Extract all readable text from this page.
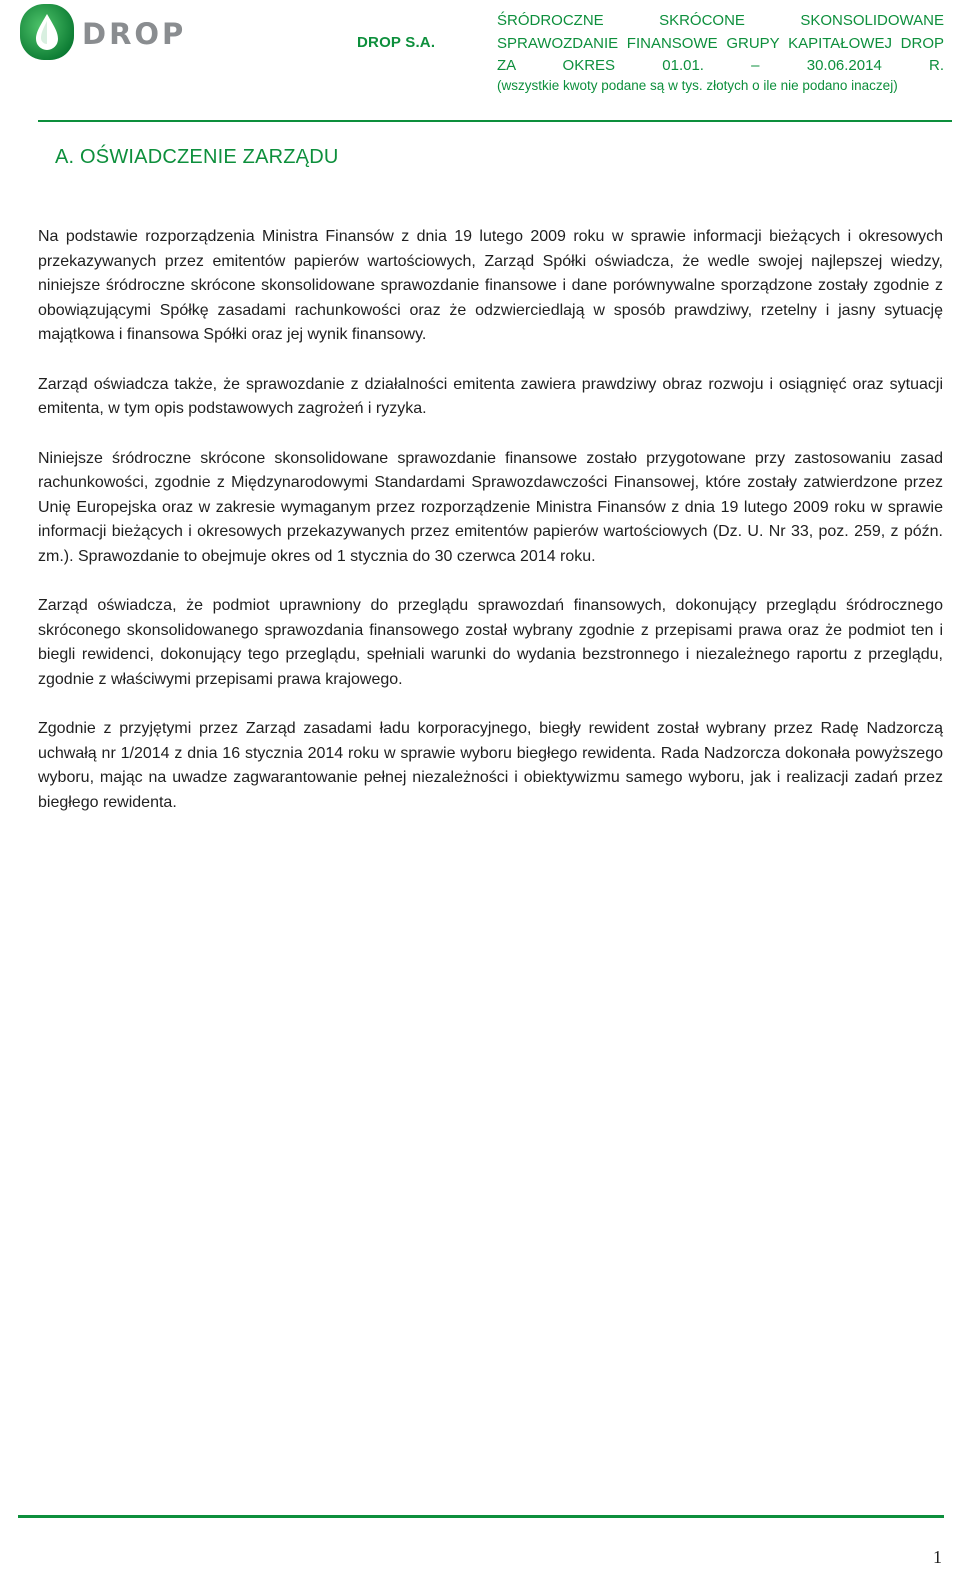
DROP	DROP S.A.
ŚRÓDROCZNE SKRÓCONE SKONSOLIDOWANE
SPRAWOZDANIE FINANSOWE GRUPY KAPITAŁOWEJ DROP
ZA OKRES 01.01. – 30.06.2014 R.
(wszystkie kwoty podane są w tys. złotych o ile nie podano inaczej)
A. OŚWIADCZENIE ZARZĄDU

Na podstawie rozporządzenia Ministra Finansów z dnia 19 lutego 2009 roku w sprawie informacji bieżących i okresowych przekazywanych przez emitentów papierów wartościowych, Zarząd Spółki oświadcza, że wedle swojej najlepszej wiedzy, niniejsze śródroczne skrócone skonsolidowane sprawozdanie finansowe i dane porównywalne sporządzone zostały zgodnie z obowiązującymi Spółkę zasadami rachunkowości oraz że odzwierciedlają w sposób prawdziwy, rzetelny i jasny sytuację majątkowa i finansowa Spółki oraz jej wynik finansowy.

Zarząd oświadcza także, że sprawozdanie z działalności emitenta zawiera prawdziwy obraz rozwoju i osiągnięć oraz sytuacji emitenta, w tym opis podstawowych zagrożeń i ryzyka.

Niniejsze śródroczne skrócone skonsolidowane sprawozdanie finansowe zostało przygotowane przy zastosowaniu zasad rachunkowości, zgodnie z Międzynarodowymi Standardami Sprawozdawczości Finansowej, które zostały zatwierdzone przez Unię Europejska oraz w zakresie wymaganym przez rozporządzenie Ministra Finansów z dnia 19 lutego 2009 roku w sprawie informacji bieżących i okresowych przekazywanych przez emitentów papierów wartościowych (Dz. U. Nr 33, poz. 259, z późn. zm.). Sprawozdanie to obejmuje okres od 1 stycznia do 30 czerwca 2014 roku.

Zarząd oświadcza, że podmiot uprawniony do przeglądu sprawozdań finansowych, dokonujący przeglądu śródrocznego skróconego skonsolidowanego sprawozdania finansowego został wybrany zgodnie z przepisami prawa oraz że podmiot ten i biegli rewidenci, dokonujący tego przeglądu, spełniali warunki do wydania bezstronnego i niezależnego raportu z przeglądu, zgodnie z właściwymi przepisami prawa krajowego.

Zgodnie z przyjętymi przez Zarząd zasadami ładu korporacyjnego, biegły rewident został wybrany przez Radę Nadzorczą uchwałą nr 1/2014 z dnia 16 stycznia 2014 roku w sprawie wyboru biegłego rewidenta. Rada Nadzorcza dokonała powyższego wyboru, mając na uwadze zagwarantowanie pełnej niezależności i obiektywizmu samego wyboru, jak i realizacji zadań przez biegłego rewidenta.

1
